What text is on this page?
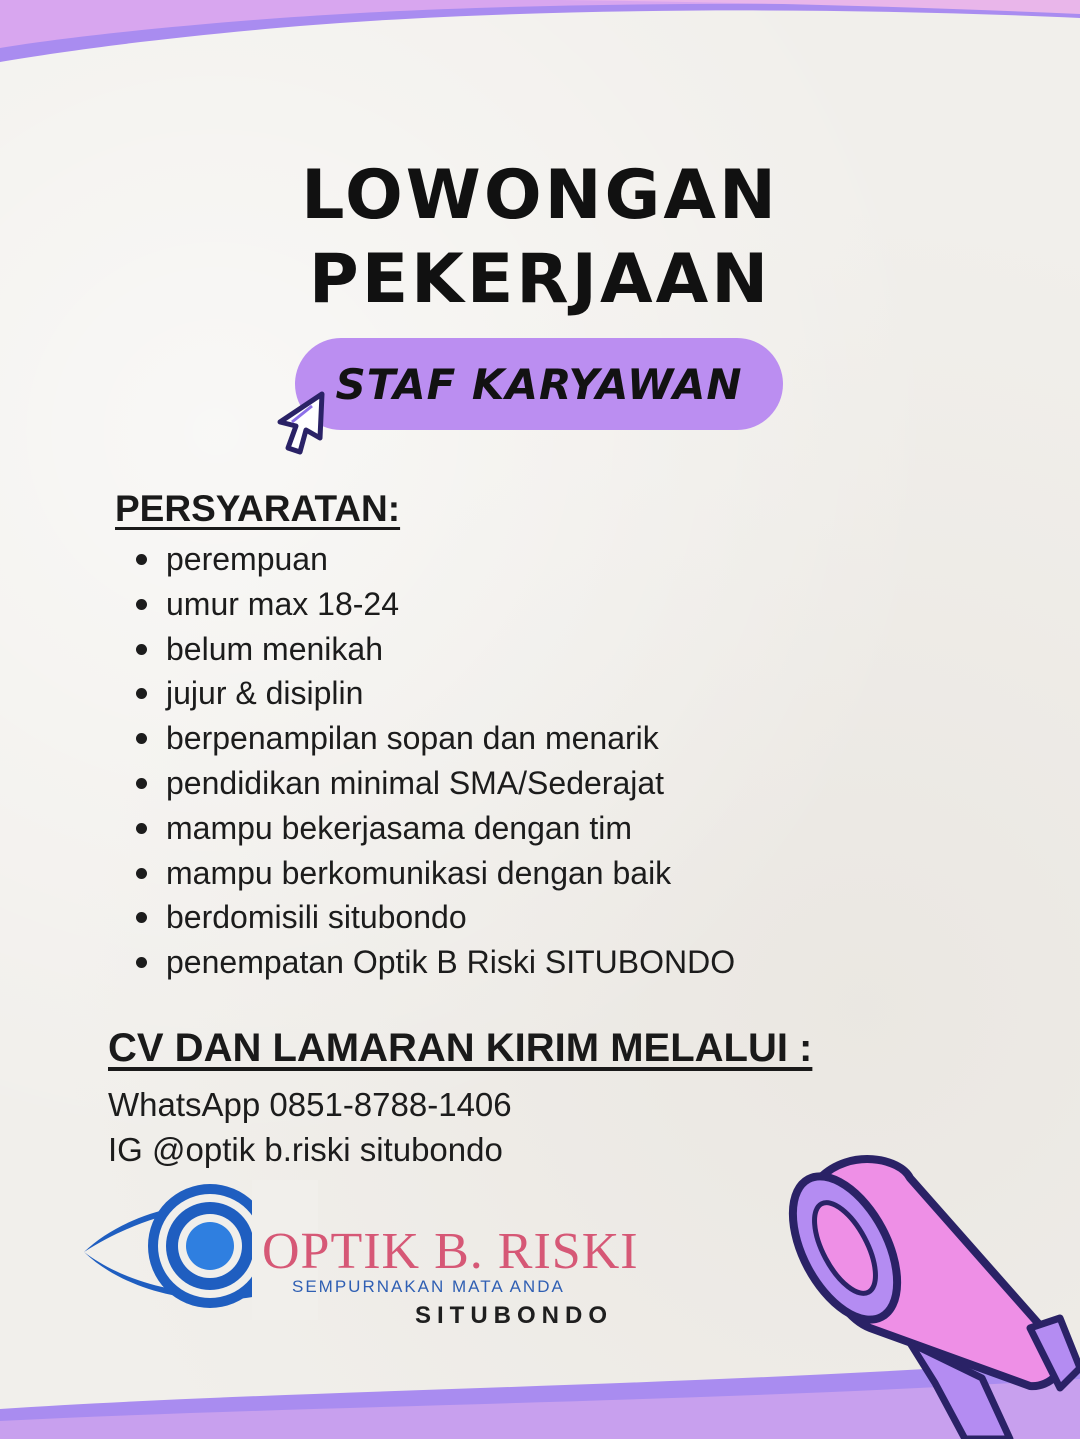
LOWONGAN
PEKERJAAN
STAF KARYAWAN
PERSYARATAN:
perempuan
umur max 18-24
belum menikah
jujur & disiplin
berpenampilan sopan dan menarik
pendidikan minimal SMA/Sederajat
mampu bekerjasama dengan tim
mampu berkomunikasi dengan baik
berdomisili situbondo
penempatan Optik B Riski SITUBONDO
CV DAN LAMARAN KIRIM MELALUI :
WhatsApp 0851-8788-1406
IG @optik b.riski situbondo
OPTIK B. RISKI
SEMPURNAKAN MATA ANDA
SITUBONDO
